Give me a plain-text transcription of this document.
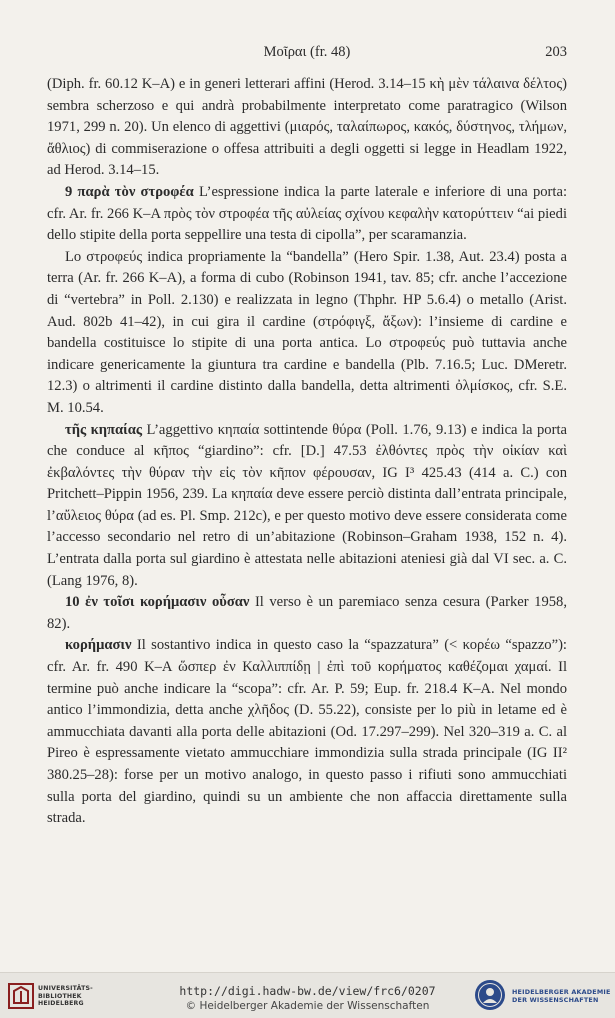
Μοῖραι (fr. 48)	203

(Diph. fr. 60.12 K–A) e in generi letterari affini (Herod. 3.14–15 κὴ μὲν τάλαινα δέλτος) sembra scherzoso e qui andrà probabilmente interpretato come paratragico (Wilson 1971, 299 n. 20). Un elenco di aggettivi (μιαρός, ταλαίπωρος, κακός, δύστηνος, τλήμων, ἄθλιος) di commiserazione o offesa attribuiti a degli oggetti si legge in Headlam 1922, ad Herod. 3.14–15.

9 παρὰ τὸν στροφέα L’espressione indica la parte laterale e inferiore di una porta: cfr. Ar. fr. 266 K–A πρὸς τὸν στροφέα τῆς αὐλείας σχίνου κεφαλὴν κατορύττειν “ai piedi dello stipite della porta seppellire una testa di cipolla”, per scaramanzia.

Lo στροφεύς indica propriamente la “bandella” (Hero Spir. 1.38, Aut. 23.4) posta a terra (Ar. fr. 266 K–A), a forma di cubo (Robinson 1941, tav. 85; cfr. anche l’accezione di “vertebra” in Poll. 2.130) e realizzata in legno (Thphr. HP 5.6.4) o metallo (Arist. Aud. 802b 41–42), in cui gira il cardine (στρόφιγξ, ἄξων): l’insieme di cardine e bandella costituisce lo stipite di una porta antica. Lo στροφεύς può tuttavia anche indicare genericamente la giuntura tra cardine e bandella (Plb. 7.16.5; Luc. DMeretr. 12.3) o altrimenti il cardine distinto dalla bandella, detta altrimenti ὀλμίσκος, cfr. S.E. M. 10.54.

τῆς κηπαίας L’aggettivo κηπαία sottintende θύρα (Poll. 1.76, 9.13) e indica la porta che conduce al κῆπος “giardino”: cfr. [D.] 47.53 ἐλθόντες πρὸς τὴν οἰκίαν καὶ ἐκβαλόντες τὴν θύραν τὴν εἰς τὸν κῆπον φέρουσαν, IG I³ 425.43 (414 a. C.) con Pritchett–Pippin 1956, 239. La κηπαία deve essere perciò distinta dall’entrata principale, l’αὔλειος θύρα (ad es. Pl. Smp. 212c), e per questo motivo deve essere considerata come l’accesso secondario nel retro di un’abitazione (Robinson–Graham 1938, 152 n. 4). L’entrata dalla porta sul giardino è attestata nelle abitazioni ateniesi già dal VI sec. a. C. (Lang 1976, 8).

10 ἐν τοῖσι κορήμασιν οὖσαν Il verso è un paremiaco senza cesura (Parker 1958, 82).

κορήμασιν Il sostantivo indica in questo caso la “spazzatura” (< κορέω “spazzo”): cfr. Ar. fr. 490 K–A ὥσπερ ἐν Καλλιππίδῃ | ἐπὶ τοῦ κορήματος καθέζομαι χαμαί. Il termine può anche indicare la “scopa”: cfr. Ar. P. 59; Eup. fr. 218.4 K–A. Nel mondo antico l’immondizia, detta anche χλῆδος (D. 55.22), consiste per lo più in letame ed è ammucchiata davanti alla porta delle abitazioni (Od. 17.297–299). Nel 320–319 a. C. al Pireo è espressamente vietato ammucchiare immondizia sulla strada principale (IG II² 380.25–28): forse per un motivo analogo, in questo passo i rifiuti sono ammucchiati sulla porta del giardino, quindi su un ambiente che non affaccia direttamente sulla strada.

UNIVERSITÄTS-
BIBLIOTHEK
HEIDELBERG
http://digi.hadw-bw.de/view/frc6/0207
© Heidelberger Akademie der Wissenschaften
HEIDELBERGER AKADEMIE
DER WISSENSCHAFTEN
